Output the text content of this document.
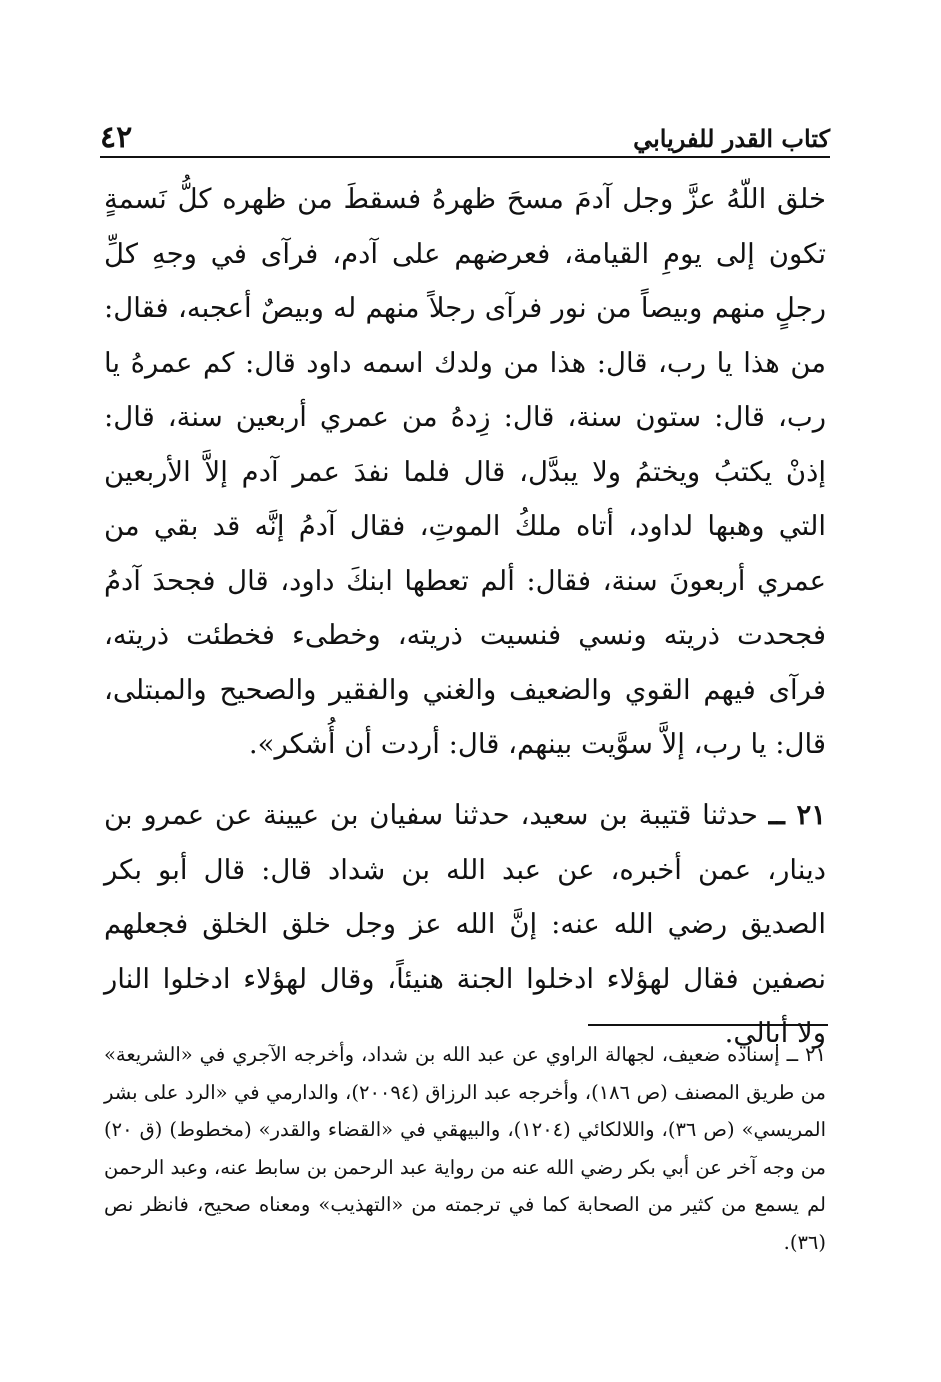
كتاب القدر للفريابي
٤٢

خلق اللّهُ عزَّ وجل آدمَ مسحَ ظهرهُ فسقطَ من ظهره كلُّ نَسمةٍ تكون إلى يومِ القيامة، فعرضهم على آدم، فرآى في وجهِ كلِّ رجلٍ منهم وبيصاً من نور فرآى رجلاً منهم له وبيصٌ أعجبه، فقال: من هذا يا رب، قال: هذا من ولدك اسمه داود قال: كم عمرهُ يا رب، قال: ستون سنة، قال: زِدهُ من عمري أربعين سنة، قال: إذنْ يكتبُ ويختمُ ولا يبدَّل، قال فلما نفدَ عمر آدم إلاَّ الأربعين التي وهبها لداود، أتاه ملكُ الموتِ، فقال آدمُ إنَّه قد بقي من عمري أربعونَ سنة، فقال: ألم تعطها ابنكَ داود، قال فجحدَ آدمُ فجحدت ذريته ونسي فنسيت ذريته، وخطىء فخطئت ذريته، فرآى فيهم القوي والضعيف والغني والفقير والصحيح والمبتلى، قال: يا رب، إلاَّ سوَّيت بينهم، قال: أردت أن أُشكر».

٢١ ــ حدثنا قتيبة بن سعيد، حدثنا سفيان بن عيينة عن عمرو بن دينار، عمن أخبره، عن عبد الله بن شداد قال: قال أبو بكر الصديق رضي الله عنه: إنَّ الله عز وجل خلق الخلق فجعلهم نصفين فقال لهؤلاء ادخلوا الجنة هنيئاً، وقال لهؤلاء ادخلوا النار ولا أبالي.

٢١ ــ إسناده ضعيف، لجهالة الراوي عن عبد الله بن شداد، وأخرجه الآجري في «الشريعة» من طريق المصنف (ص ١٨٦)، وأخرجه عبد الرزاق (٢٠٠٩٤)، والدارمي في «الرد على بشر المريسي» (ص ٣٦)، واللالكائي (١٢٠٤)، والبيهقي في «القضاء والقدر» (مخطوط) (ق ٢٠) من وجه آخر عن أبي بكر رضي الله عنه من رواية عبد الرحمن بن سابط عنه، وعبد الرحمن لم يسمع من كثير من الصحابة كما في ترجمته من «التهذيب» ومعناه صحيح، فانظر نص (٣٦).
